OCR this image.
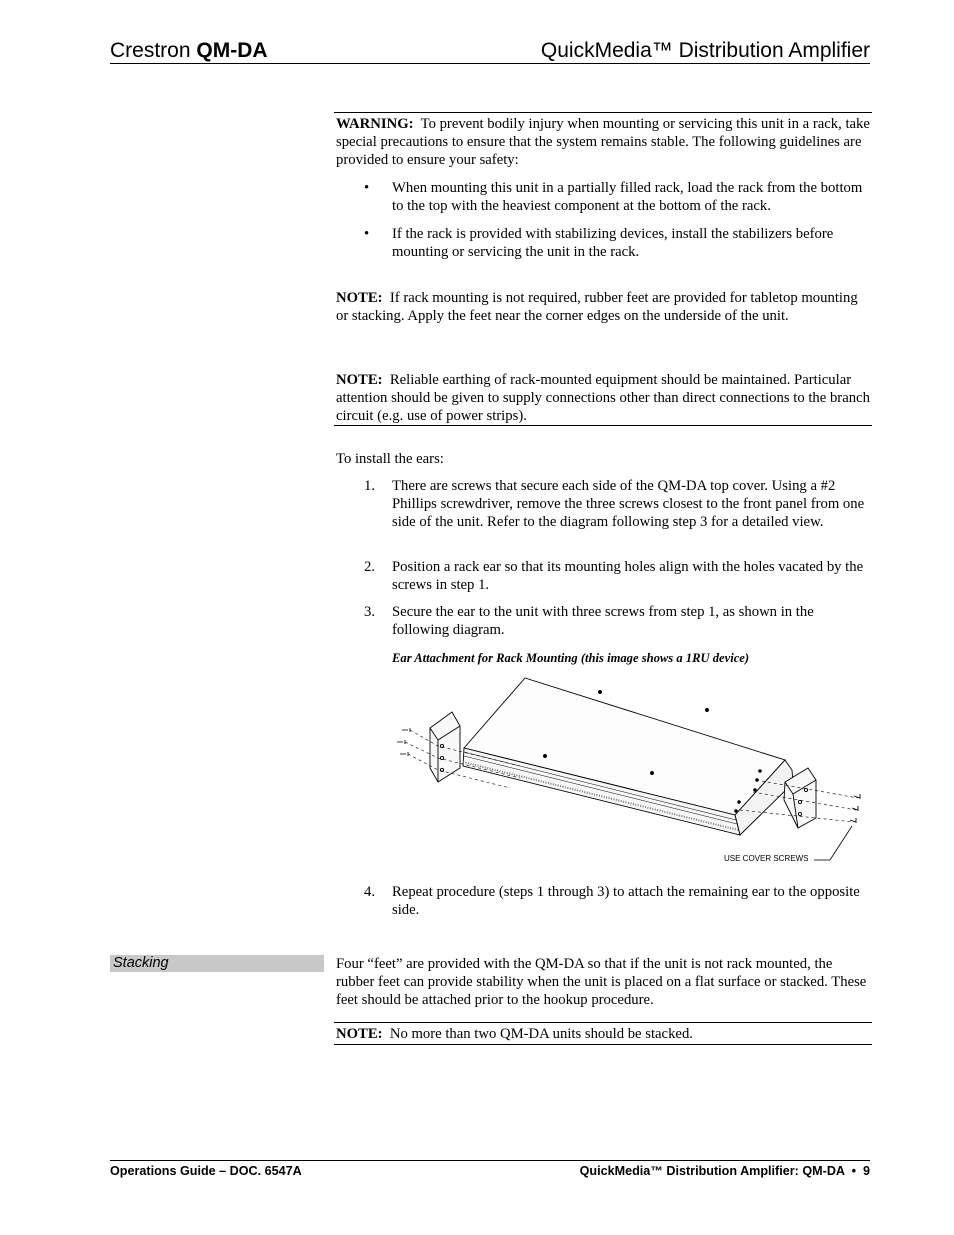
Crestron QM-DA	QuickMedia™ Distribution Amplifier
WARNING: To prevent bodily injury when mounting or servicing this unit in a rack, take special precautions to ensure that the system remains stable. The following guidelines are provided to ensure your safety:
•	When mounting this unit in a partially filled rack, load the rack from the bottom to the top with the heaviest component at the bottom of the rack.
•	If the rack is provided with stabilizing devices, install the stabilizers before mounting or servicing the unit in the rack.
NOTE: If rack mounting is not required, rubber feet are provided for tabletop mounting or stacking. Apply the feet near the corner edges on the underside of the unit.
NOTE: Reliable earthing of rack-mounted equipment should be maintained. Particular attention should be given to supply connections other than direct connections to the branch circuit (e.g. use of power strips).
To install the ears:
1.	There are screws that secure each side of the QM-DA top cover. Using a #2 Phillips screwdriver, remove the three screws closest to the front panel from one side of the unit. Refer to the diagram following step 3 for a detailed view.
2.	Position a rack ear so that its mounting holes align with the holes vacated by the screws in step 1.
3.	Secure the ear to the unit with three screws from step 1, as shown in the following diagram.
Ear Attachment for Rack Mounting (this image shows a 1RU device)
USE COVER SCREWS
4.	Repeat procedure (steps 1 through 3) to attach the remaining ear to the opposite side.
Stacking	Four “feet” are provided with the QM-DA so that if the unit is not rack mounted, the rubber feet can provide stability when the unit is placed on a flat surface or stacked. These feet should be attached prior to the hookup procedure.
NOTE: No more than two QM-DA units should be stacked.
Operations Guide – DOC. 6547A	QuickMedia™ Distribution Amplifier: QM-DA • 9
